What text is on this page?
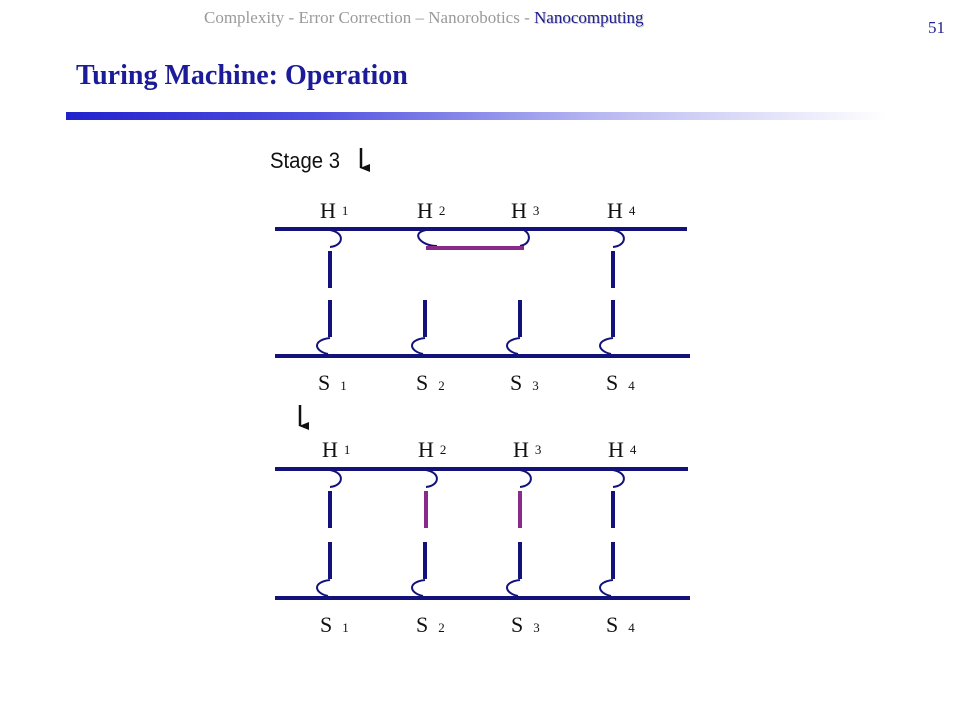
Complexity - Error Correction – Nanorobotics - Nanocomputing
51
Turing Machine: Operation
Stage 3
H 1	H 2	H 3	H 4
S 1	S 2	S 3	S 4
H 1	H 2	H 3	H 4
S 1	S 2	S 3	S 4
